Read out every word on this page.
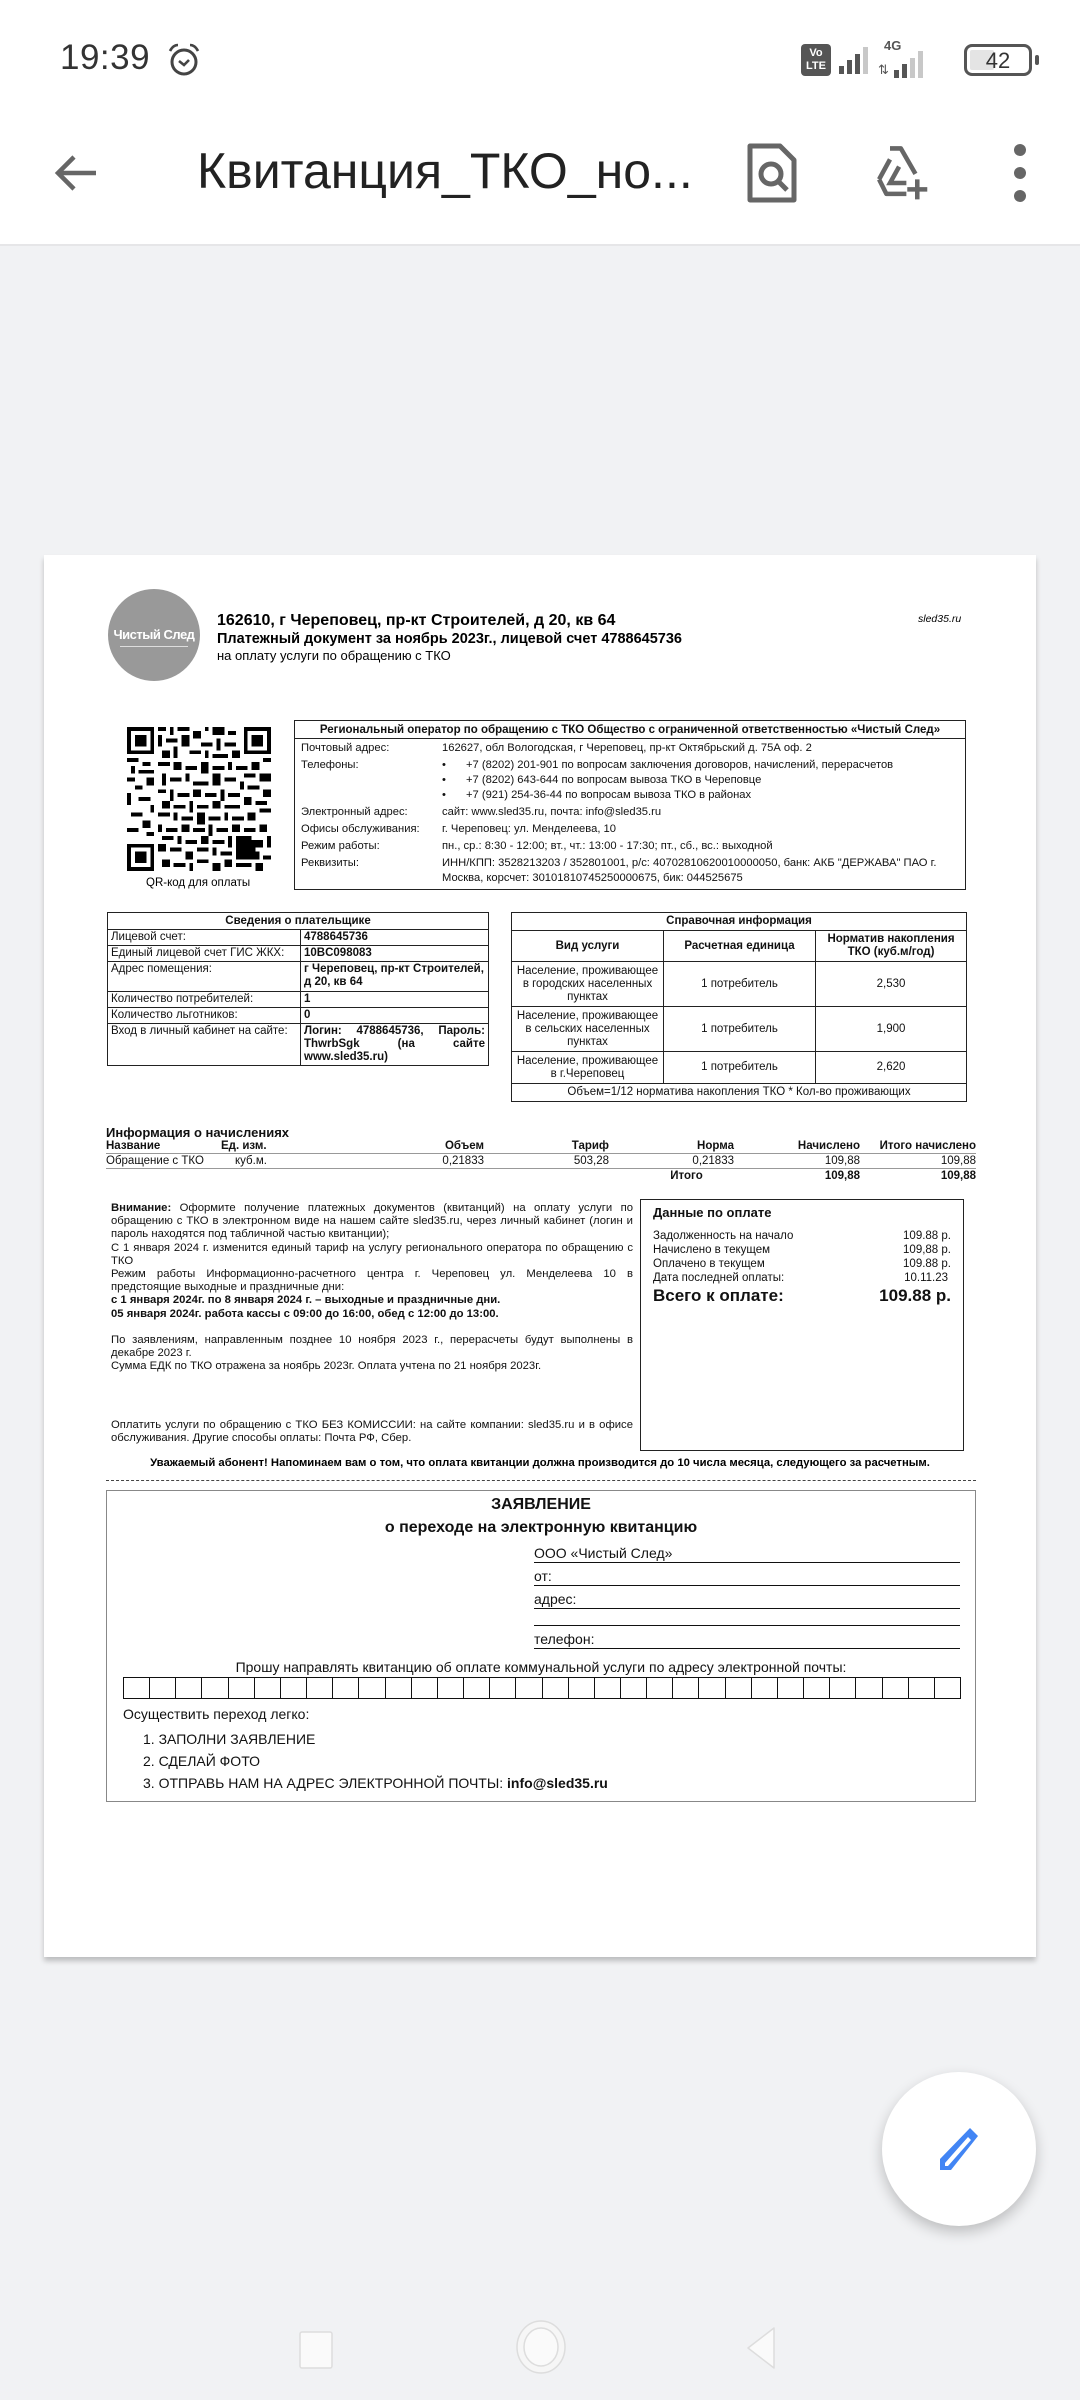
19:39	Vo
LTE
4G
⇅	42
Квитанция_ТКО_но...
Чистый След
162610, г Череповец, пр-кт Строителей, д 20, кв 64
Платежный документ за ноябрь 2023г., лицевой счет 4788645736
на оплату услуги по обращению с ТКО
sled35.ru
QR-код для оплаты
Региональный оператор по обращению с ТКО Общество с ограниченной ответственностью «Чистый След»
Почтовый адрес:	162627, обл Вологодская, г Череповец, пр-кт Октябрьский д. 75А оф. 2
Телефоны:	• +7 (8202) 201-901 по вопросам заключения договоров, начислений, перерасчетов
• +7 (8202) 643-644 по вопросам вывоза ТКО в Череповце
• +7 (921) 254-36-44 по вопросам вывоза ТКО в районах
Электронный адрес:	сайт: www.sled35.ru, почта: info@sled35.ru
Офисы обслуживания:	г. Череповец: ул. Менделеева, 10
Режим работы:	пн., ср.: 8:30 - 12:00; вт., чт.: 13:00 - 17:30; пт., сб., вс.: выходной
Реквизиты:	ИНН/КПП: 3528213203 / 352801001, р/с: 40702810620010000050, банк: АКБ "ДЕРЖАВА" ПАО г. Москва, корсчет: 30101810745250000675, бик: 044525675
Сведения о плательщике	
Лицевой счет:	4788645736
Единый лицевой счет ГИС ЖКХ:	10BC098083
Адрес помещения:	г Череповец, пр-кт Строителей, д 20, кв 64
Количество потребителей:	1
Количество льготников:	0
Вход в личный кабинет на сайте:	Логин: 4788645736, Пароль: ThwrbSgk (на сайте www.sled35.ru)
Справочная информация		
Вид услуги	Расчетная единица	Норматив накопления ТКО (куб.м/год)
Население, проживающее в городских населенных пунктах	1 потребитель	2,530
Население, проживающее в сельских населенных пунктах	1 потребитель	1,900
Население, проживающее в г.Череповец	1 потребитель	2,620
Объем=1/12 норматива накопления ТКО * Кол-во проживающих		
Информация о начислениях
Название	Ед. изм.	Объем	Тариф	Норма	Начислено	Итого начислено
Обращение с ТКО	куб.м.	0,21833	503,28	0,21833	109,88	109,88
				Итого	109,88	109,88

Внимание: Оформите получение платежных документов (квитанций) на оплату услуги по обращению с ТКО в электронном виде на нашем сайте sled35.ru, через личный кабинет (логин и пароль находятся под табличной частью квитанции);

С 1 января 2024 г. изменится единый тариф на услугу регионального оператора по обращению с ТКО

Режим работы Информационно-расчетного центра г. Череповец ул. Менделеева 10 в предстоящие выходные и праздничные дни:

с 1 января 2024г. по 8 января 2024 г. – выходные и праздничные дни.

05 января 2024г. работа кассы с 09:00 до 16:00, обед с 12:00 до 13:00.

По заявлениям, направленным позднее 10 ноября 2023 г., перерасчеты будут выполнены в декабре 2023 г.

Сумма ЕДК по ТКО отражена за ноябрь 2023г. Оплата учтена по 21 ноября 2023г.

Оплатить услуги по обращению с ТКО БЕЗ КОМИССИИ: на сайте компании: sled35.ru и в офисе обслуживания. Другие способы оплаты: Почта РФ, Сбер.
Данные по оплате
Задолженность на начало	109.88 р.
Начислено в текущем	109,88 р.
Оплачено в текущем	109.88 р.
Дата последней оплаты:	10.11.23
Всего к оплате:	109.88 р.
Уважаемый абонент! Напоминаем вам о том, что оплата квитанции должна производится до 10 числа месяца, следующего за расчетным.
ЗАЯВЛЕНИЕ
о переходе на электронную квитанцию
ООО «Чистый След»
от:
адрес:
телефон:
Прошу направлять квитанцию об оплате коммунальной услуги по адресу электронной почты:
Осуществить переход легко:
1. ЗАПОЛНИ ЗАЯВЛЕНИЕ
2. СДЕЛАЙ ФОТО
3. ОТПРАВЬ НАМ НА АДРЕС ЭЛЕКТРОННОЙ ПОЧТЫ: info@sled35.ru
